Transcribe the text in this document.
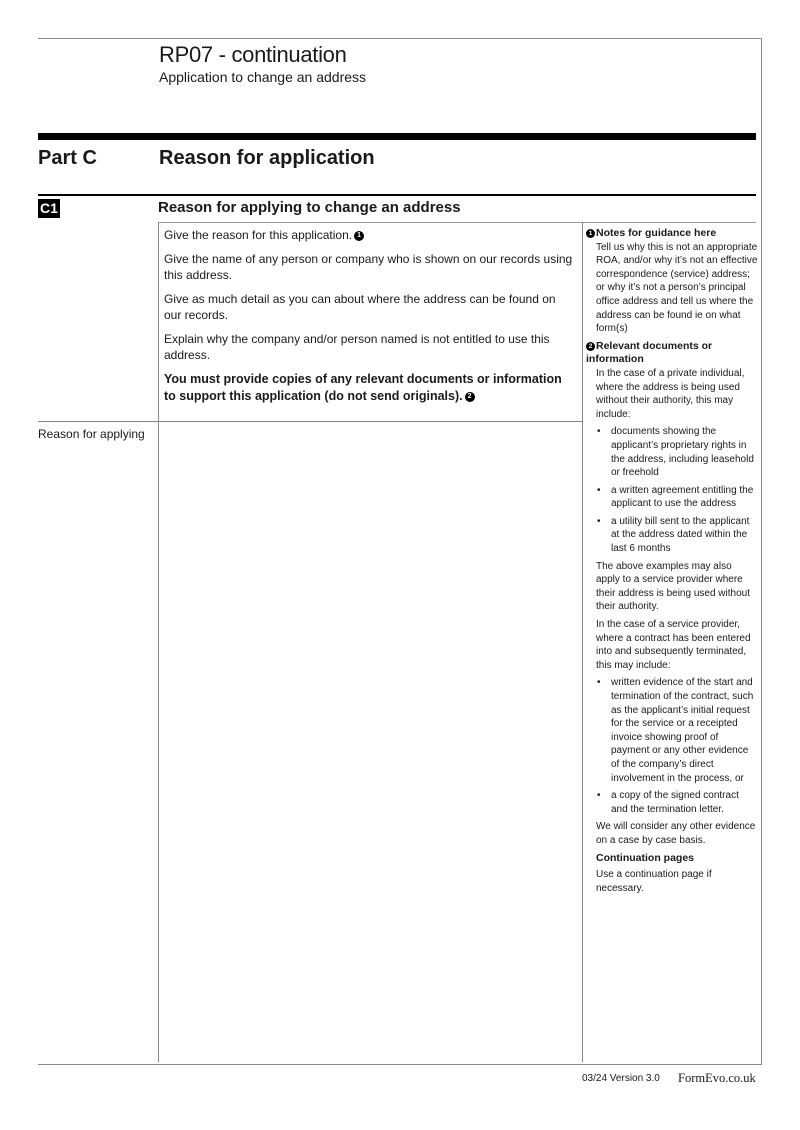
RP07 - continuation
Application to change an address
Part C	Reason for application
C1	Reason for applying to change an address

Give the reason for this application. 1

Give the name of any person or company who is shown on our records using this address.

Give as much detail as you can about where the address can be found on our records.

Explain why the company and/or person named is not entitled to use this address.

You must provide copies of any relevant documents or information to support this application (do not send originals). 2

Reason for applying
1 Notes for guidance here
Tell us why this is not an appropriate ROA, and/or why it’s not an effective correspondence (service) address; or why it’s not a person’s principal office address and tell us where the address can be found ie on what form(s)
2 Relevant documents or information
In the case of a private individual, where the address is being used without their authority, this may include:
• documents showing the applicant’s proprietary rights in the address, including leasehold or freehold
• a written agreement entitling the applicant to use the address
• a utility bill sent to the applicant at the address dated within the last 6 months
The above examples may also apply to a service provider where their address is being used without their authority.
In the case of a service provider, where a contract has been entered into and subsequently terminated, this may include:
• written evidence of the start and termination of the contract, such as the applicant’s initial request for the service or a receipted invoice showing proof of payment or any other evidence of the company’s direct involvement in the process, or
• a copy of the signed contract and the termination letter.
We will consider any other evidence on a case by case basis.
Continuation pages
Use a continuation page if necessary.
03/24 Version 3.0 FormEvo.co.uk
